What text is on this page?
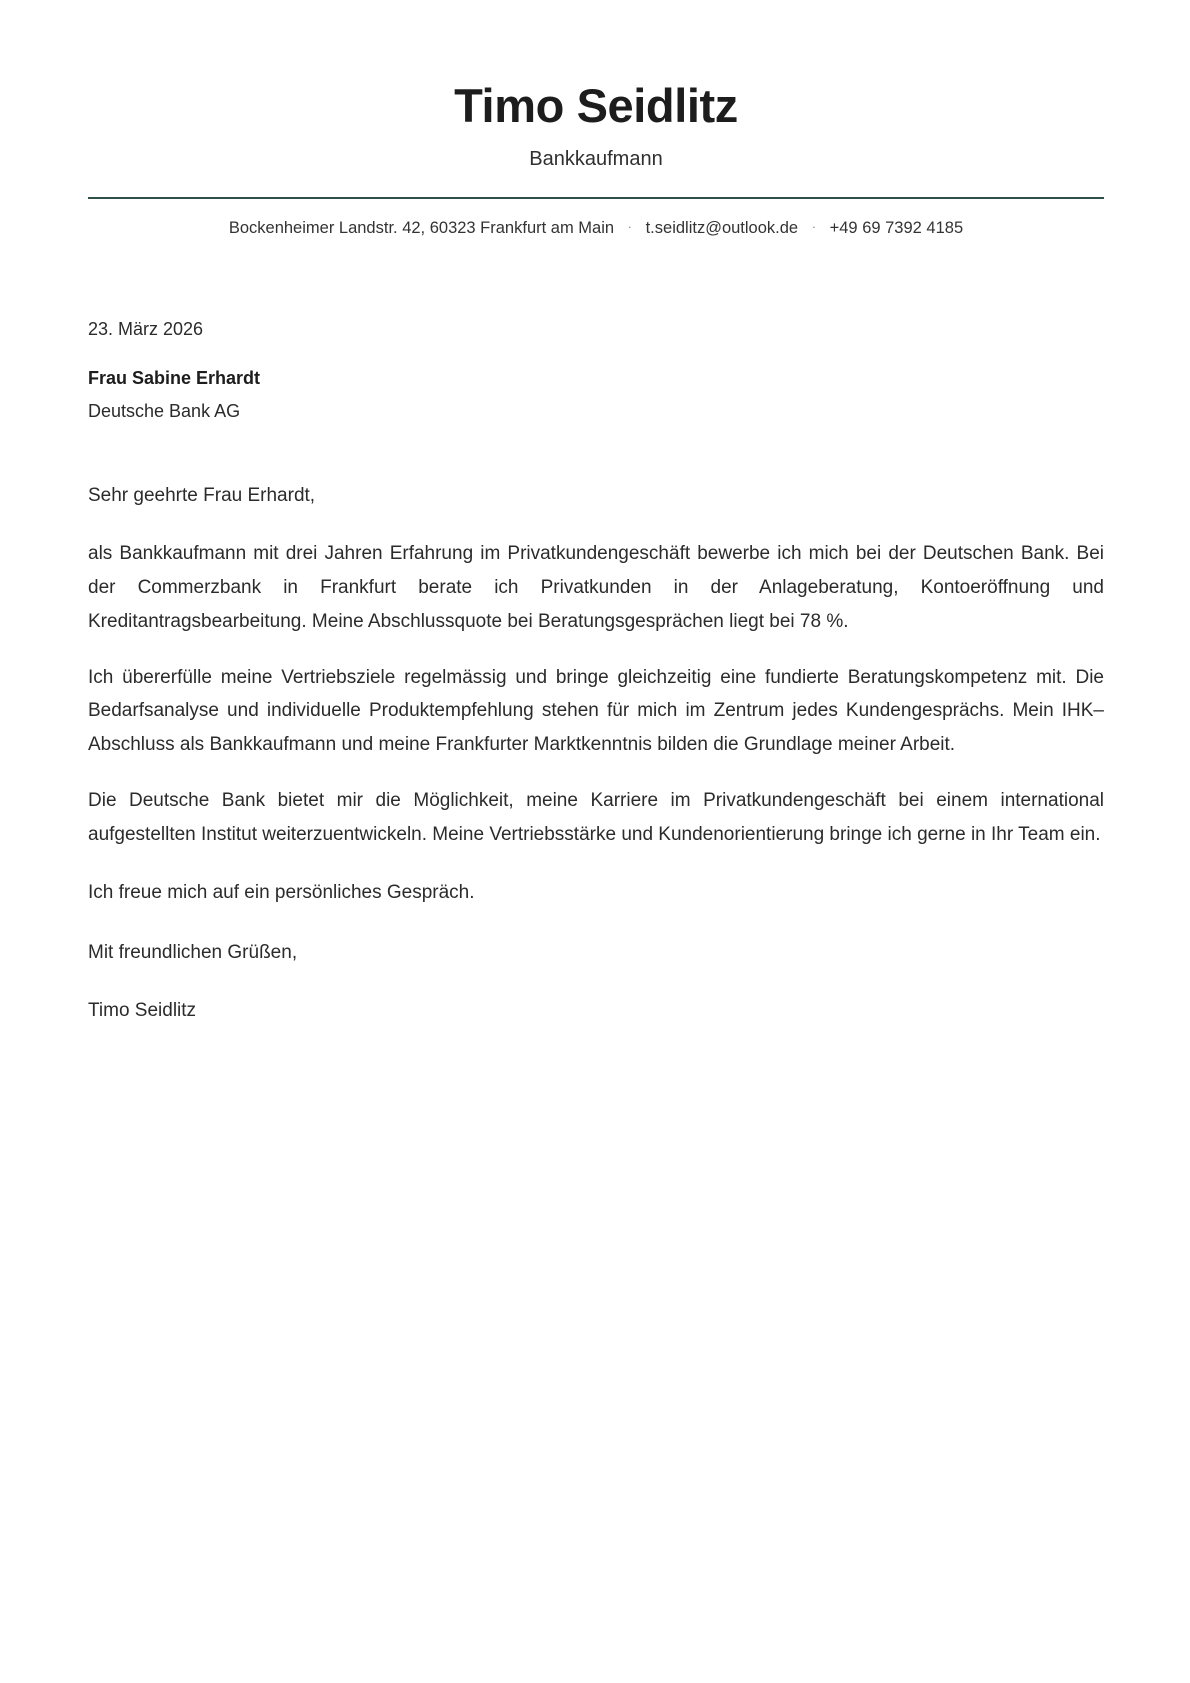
Timo Seidlitz
Bankkaufmann
Bockenheimer Landstr. 42, 60323 Frankfurt am Main · t.seidlitz@outlook.de · +49 69 7392 4185
23. März 2026
Frau Sabine Erhardt
Deutsche Bank AG

Sehr geehrte Frau Erhardt,

als Bankkaufmann mit drei Jahren Erfahrung im Privatkundengeschäft bewerbe ich mich bei der Deutschen Bank. Bei der Commerzbank in Frankfurt berate ich Privatkunden in der Anlageberatung, Kontoeröffnung und Kreditantragsbearbeitung. Meine Abschlussquote bei Beratungsgesprächen liegt bei 78 %.

Ich übererfülle meine Vertriebsziele regelmässig und bringe gleichzeitig eine fundierte Beratungskompetenz mit. Die Bedarfsanalyse und individuelle Produktempfehlung stehen für mich im Zentrum jedes Kundengesprächs. Mein IHK–Abschluss als Bankkaufmann und meine Frankfurter Marktkenntnis bilden die Grundlage meiner Arbeit.

Die Deutsche Bank bietet mir die Möglichkeit, meine Karriere im Privatkundengeschäft bei einem international aufgestellten Institut weiterzuentwickeln. Meine Vertriebsstärke und Kundenorientierung bringe ich gerne in Ihr Team ein.

Ich freue mich auf ein persönliches Gespräch.

Mit freundlichen Grüßen,

Timo Seidlitz
